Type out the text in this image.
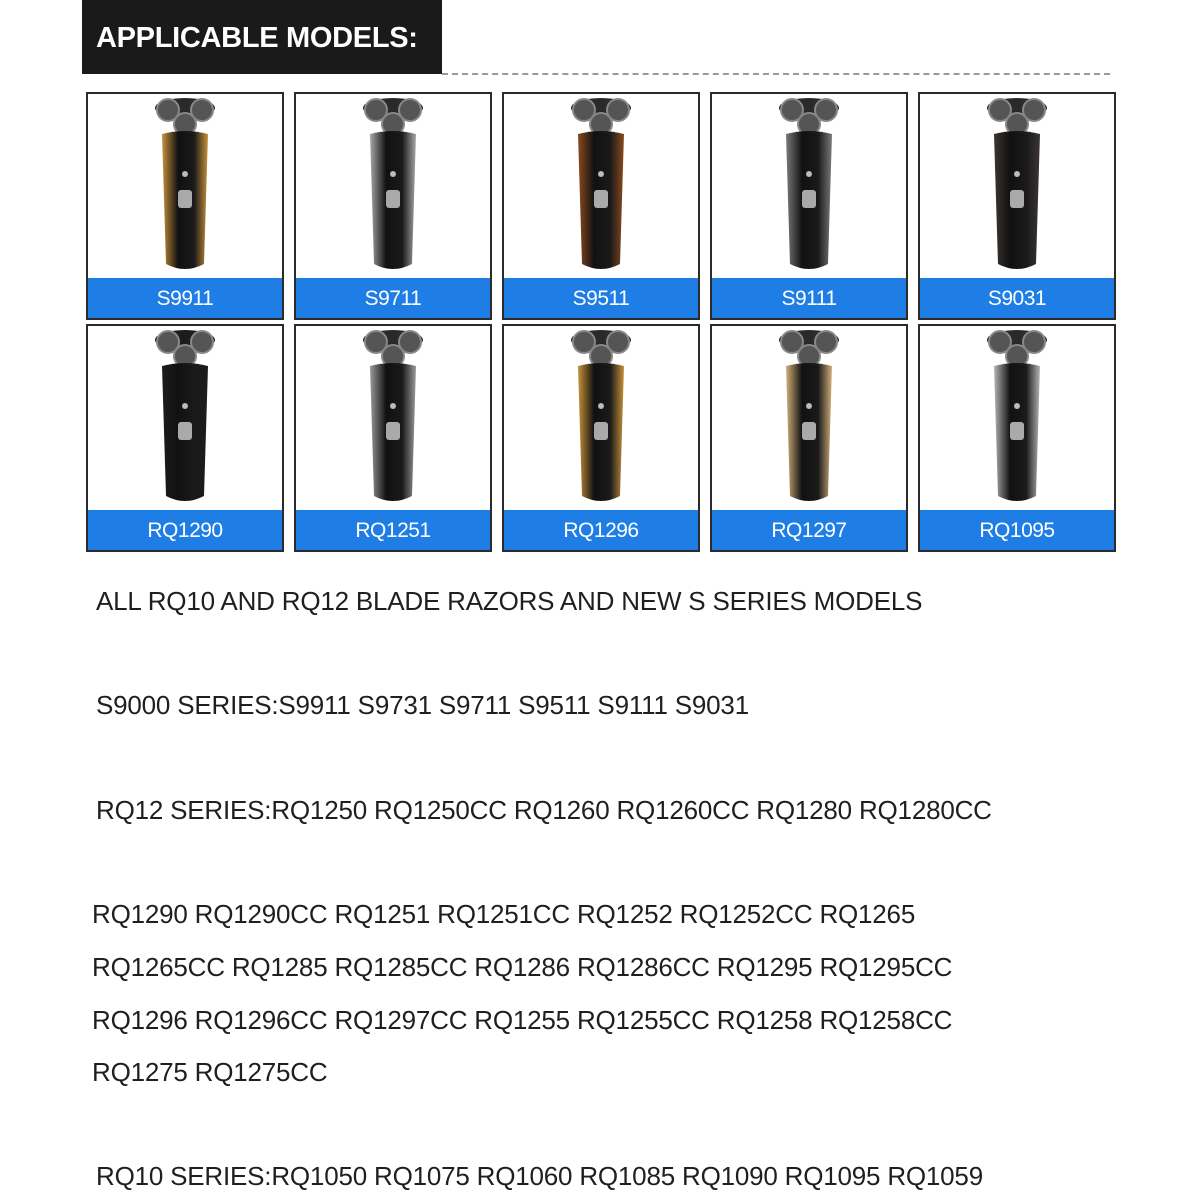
APPLICABLE MODELS:
S9911	S9711	S9511	S9111	S9031
RQ1290	RQ1251	RQ1296	RQ1297	RQ1095
ALL RQ10 AND RQ12 BLADE RAZORS AND NEW S SERIES MODELS
S9000 SERIES:S9911 S9731 S9711 S9511 S9111 S9031
RQ12 SERIES:RQ1250 RQ1250CC RQ1260 RQ1260CC RQ1280 RQ1280CC
RQ1290 RQ1290CC RQ1251 RQ1251CC RQ1252 RQ1252CC RQ1265
RQ1265CC RQ1285 RQ1285CC RQ1286 RQ1286CC RQ1295 RQ1295CC
RQ1296 RQ1296CC RQ1297CC RQ1255 RQ1255CC RQ1258 RQ1258CC
RQ1275 RQ1275CC
RQ10 SERIES:RQ1050 RQ1075 RQ1060 RQ1085 RQ1090 RQ1095 RQ1059
